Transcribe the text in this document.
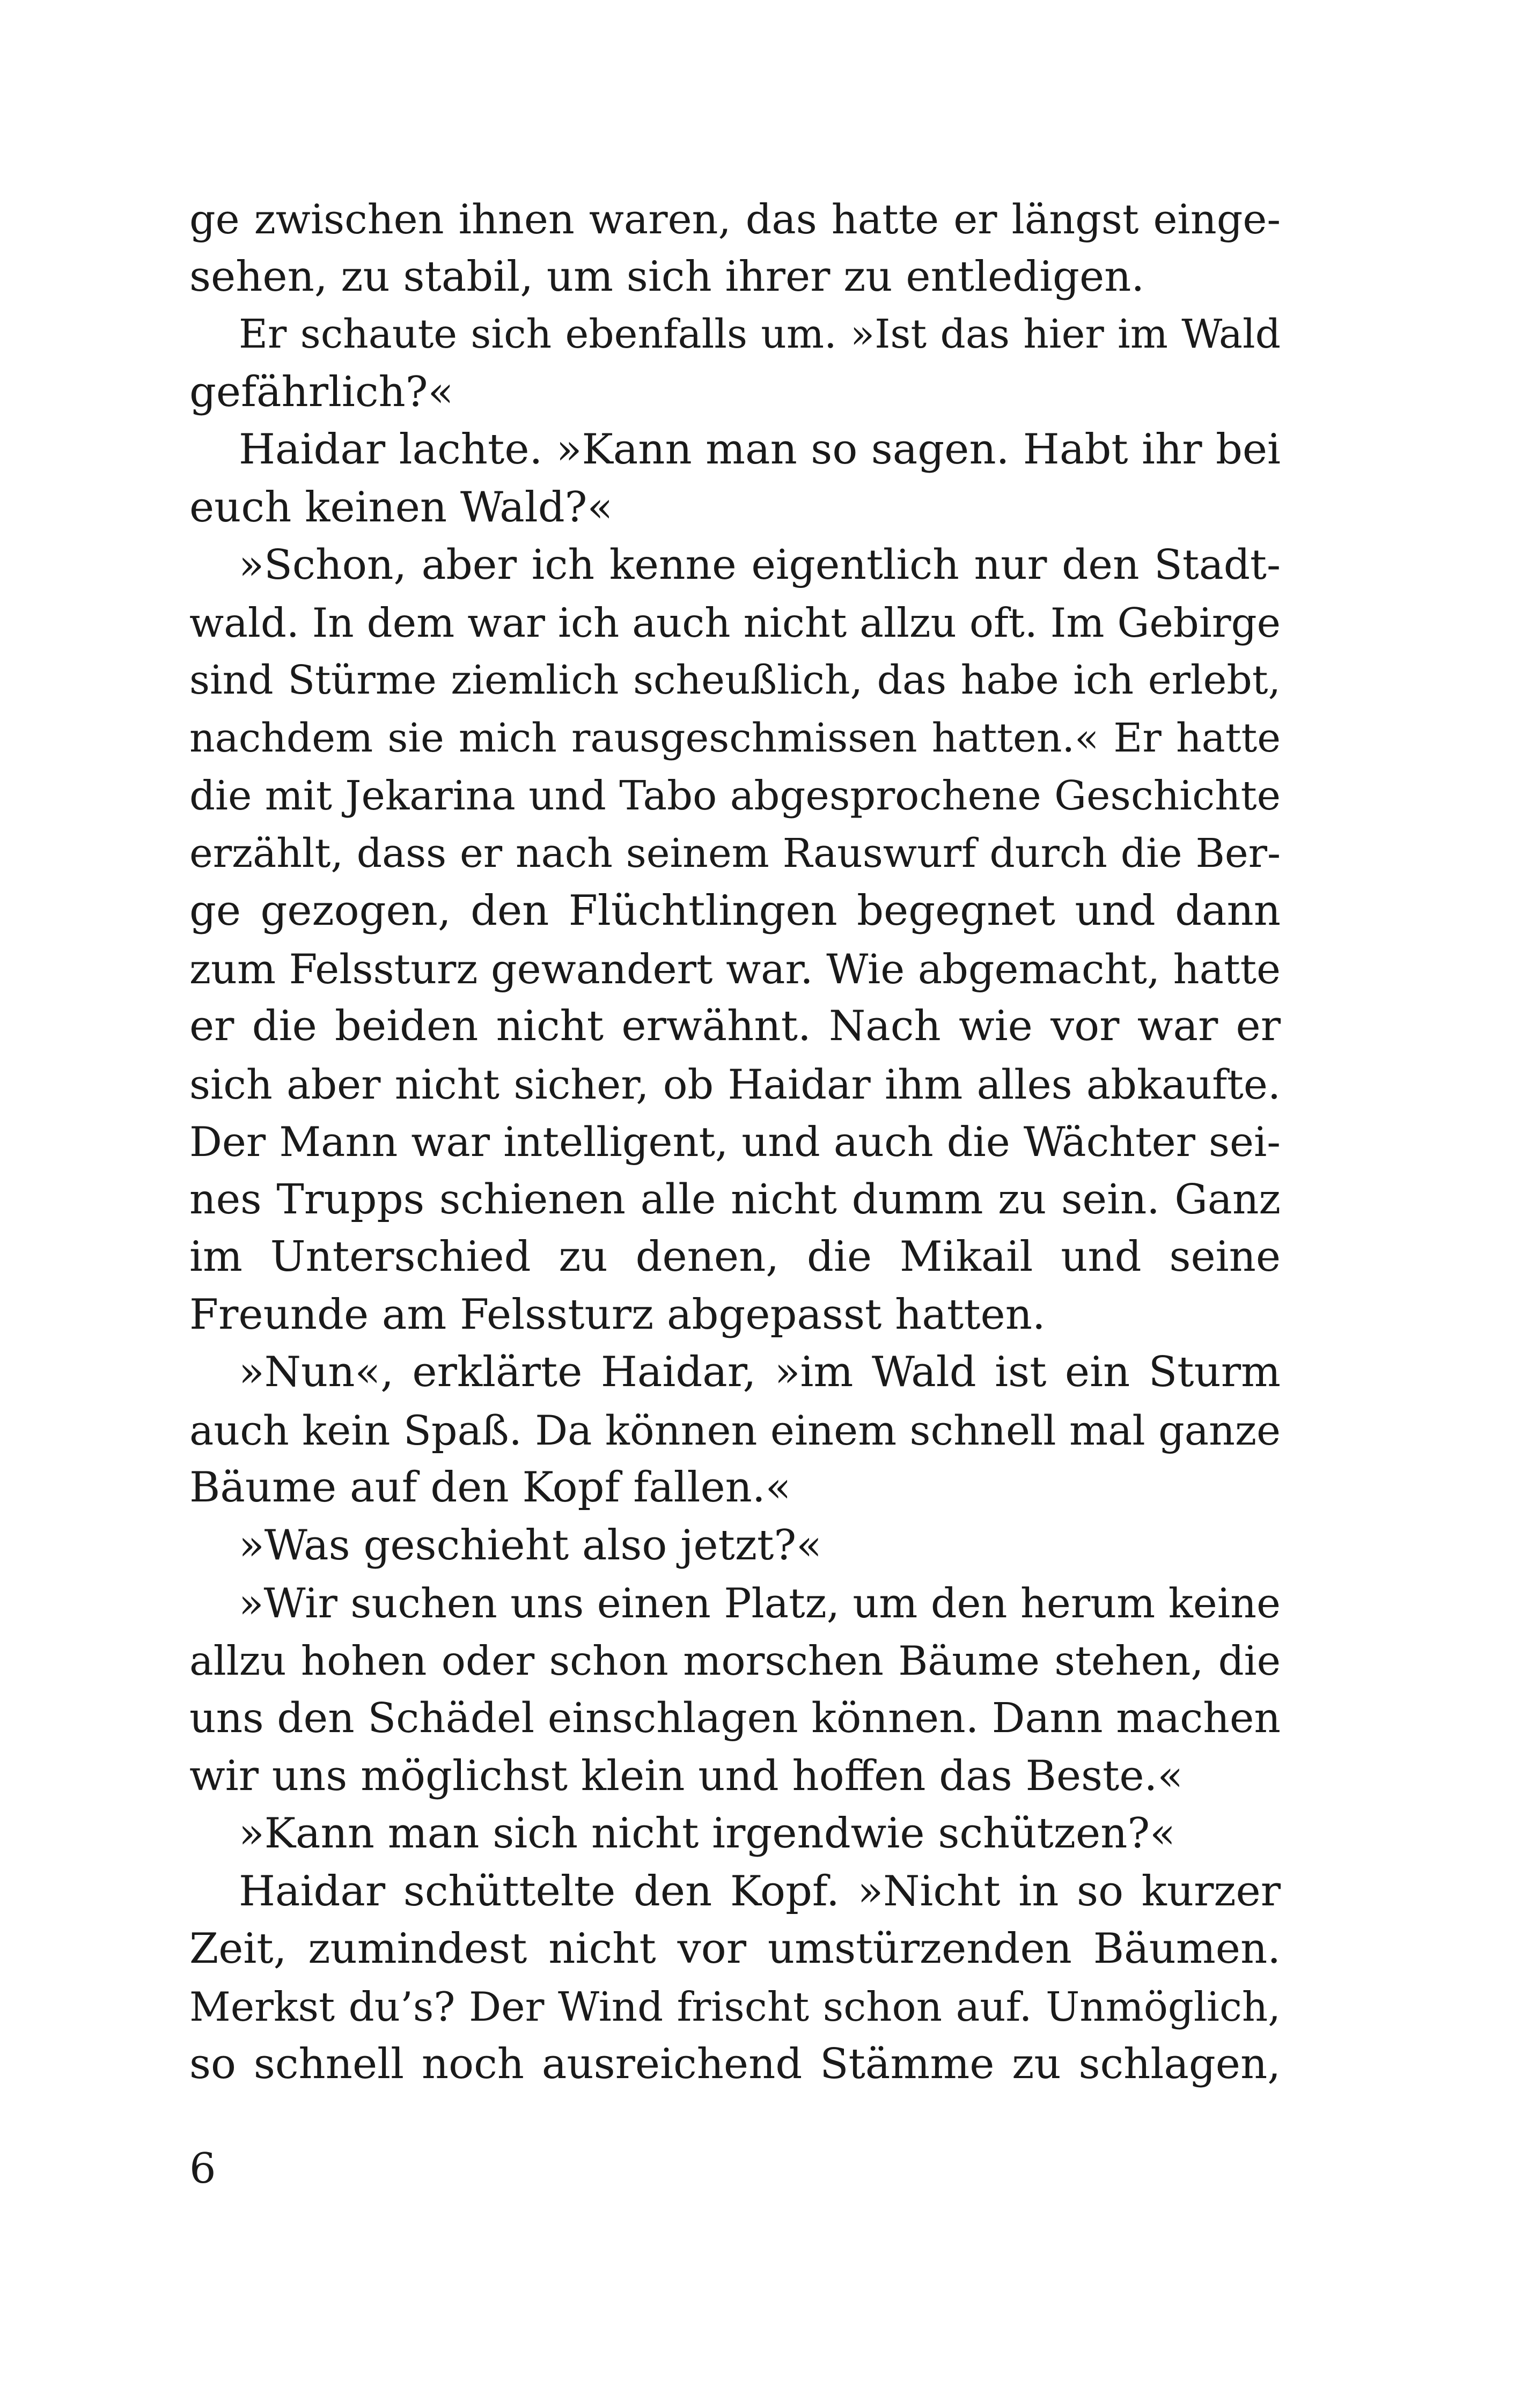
ge zwischen ihnen waren, das hatte er längst einge-
sehen, zu stabil, um sich ihrer zu entledigen.
Er schaute sich ebenfalls um. »Ist das hier im Wald
gefährlich?«
Haidar lachte. »Kann man so sagen. Habt ihr bei
euch keinen Wald?«
»Schon, aber ich kenne eigentlich nur den Stadt-
wald. In dem war ich auch nicht allzu oft. Im Gebirge
sind Stürme ziemlich scheußlich, das habe ich erlebt,
nachdem sie mich rausgeschmissen hatten.« Er hatte
die mit Jekarina und Tabo abgesprochene Geschichte
erzählt, dass er nach seinem Rauswurf durch die Ber-
ge gezogen, den Flüchtlingen begegnet und dann
zum Felssturz gewandert war. Wie abgemacht, hatte
er die beiden nicht erwähnt. Nach wie vor war er
sich aber nicht sicher, ob Haidar ihm alles abkaufte.
Der Mann war intelligent, und auch die Wächter sei-
nes Trupps schienen alle nicht dumm zu sein. Ganz
im Unterschied zu denen, die Mikail und seine
Freunde am Felssturz abgepasst hatten.
»Nun«, erklärte Haidar, »im Wald ist ein Sturm
auch kein Spaß. Da können einem schnell mal ganze
Bäume auf den Kopf fallen.«
»Was geschieht also jetzt?«
»Wir suchen uns einen Platz, um den herum keine
allzu hohen oder schon morschen Bäume stehen, die
uns den Schädel einschlagen können. Dann machen
wir uns möglichst klein und hoffen das Beste.«
»Kann man sich nicht irgendwie schützen?«
Haidar schüttelte den Kopf. »Nicht in so kurzer
Zeit, zumindest nicht vor umstürzenden Bäumen.
Merkst du’s? Der Wind frischt schon auf. Unmöglich,
so schnell noch ausreichend Stämme zu schlagen,
6
